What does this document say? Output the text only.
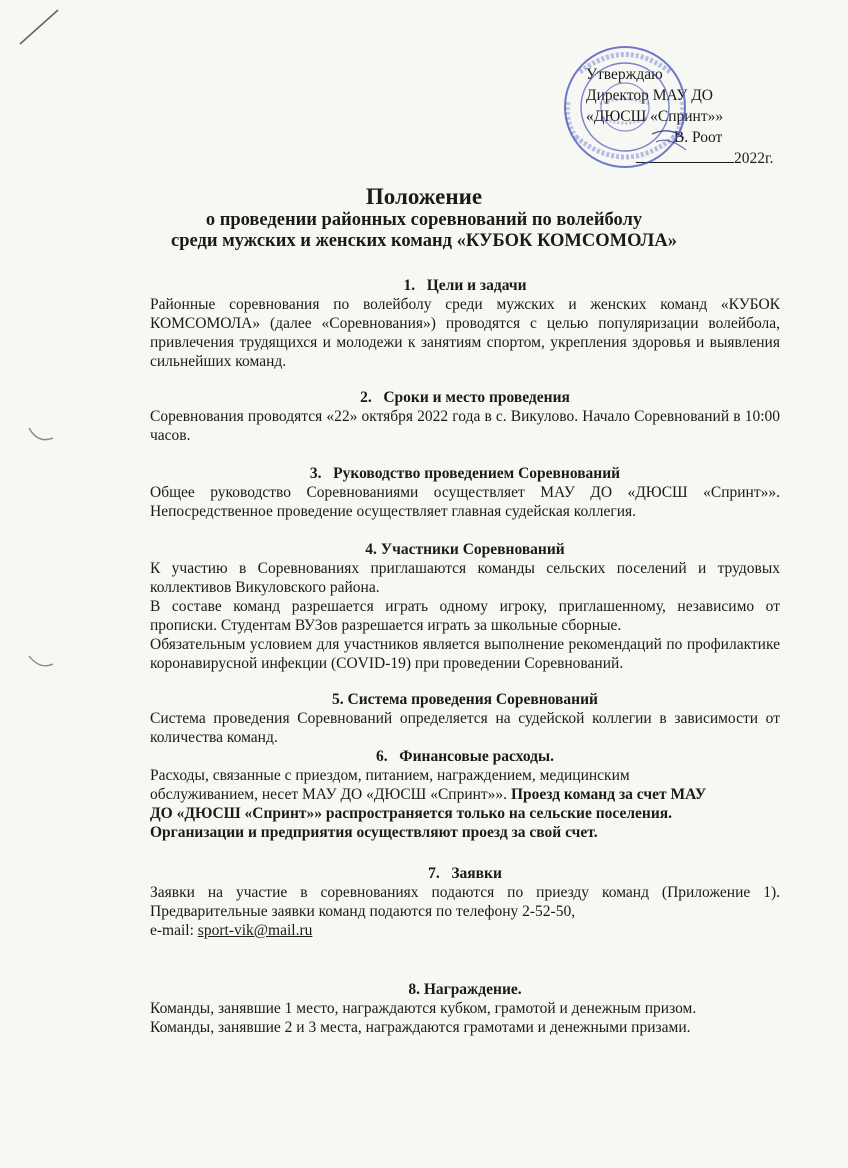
Утверждаю
Директор МАУ ДО
«ДЮСШ «Спринт»»
В. Роот
2022г.
Положение
о проведении районных соревнований по волейболу
среди мужских и женских команд «КУБОК КОМСОМОЛА»
1.   Цели и задачи
Районные соревнования по волейболу среди мужских и женских команд «КУБОК КОМСОМОЛА» (далее «Соревнования») проводятся с целью популяризации волейбола, привлечения трудящихся и молодежи к занятиям спортом, укрепления здоровья и выявления сильнейших команд.
2.   Сроки и место проведения
Соревнования проводятся «22» октября 2022 года в с. Викулово. Начало Соревнований в 10:00 часов.
3.   Руководство проведением Соревнований
Общее руководство Соревнованиями осуществляет МАУ ДО «ДЮСШ «Спринт»». Непосредственное проведение осуществляет главная судейская коллегия.
4. Участники Соревнований
К участию в Соревнованиях приглашаются команды сельских поселений и трудовых коллективов Викуловского района.
В составе команд разрешается играть одному игроку, приглашенному, независимо от прописки. Студентам ВУЗов разрешается играть за школьные сборные.
Обязательным условием для участников является выполнение рекомендаций по профилактике коронавирусной инфекции (COVID-19) при проведении Соревнований.
5. Система проведения Соревнований
Система проведения Соревнований определяется на судейской коллегии в зависимости от количества команд.
6.   Финансовые расходы.
Расходы, связанные с приездом, питанием, награждением, медицинским
обслуживанием, несет МАУ ДО «ДЮСШ «Спринт»». Проезд команд за счет МАУ
ДО «ДЮСШ «Спринт»» распространяется только на сельские поселения.
Организации и предприятия осуществляют проезд за свой счет.
7.   Заявки
Заявки на участие в соревнованиях подаются по приезду команд (Приложение 1). Предварительные заявки команд подаются по телефону 2-52-50,
e-mail: sport-vik@mail.ru
8. Награждение.
Команды, занявшие 1 место, награждаются кубком, грамотой и денежным призом.
Команды, занявшие 2 и 3 места, награждаются грамотами и денежными призами.
